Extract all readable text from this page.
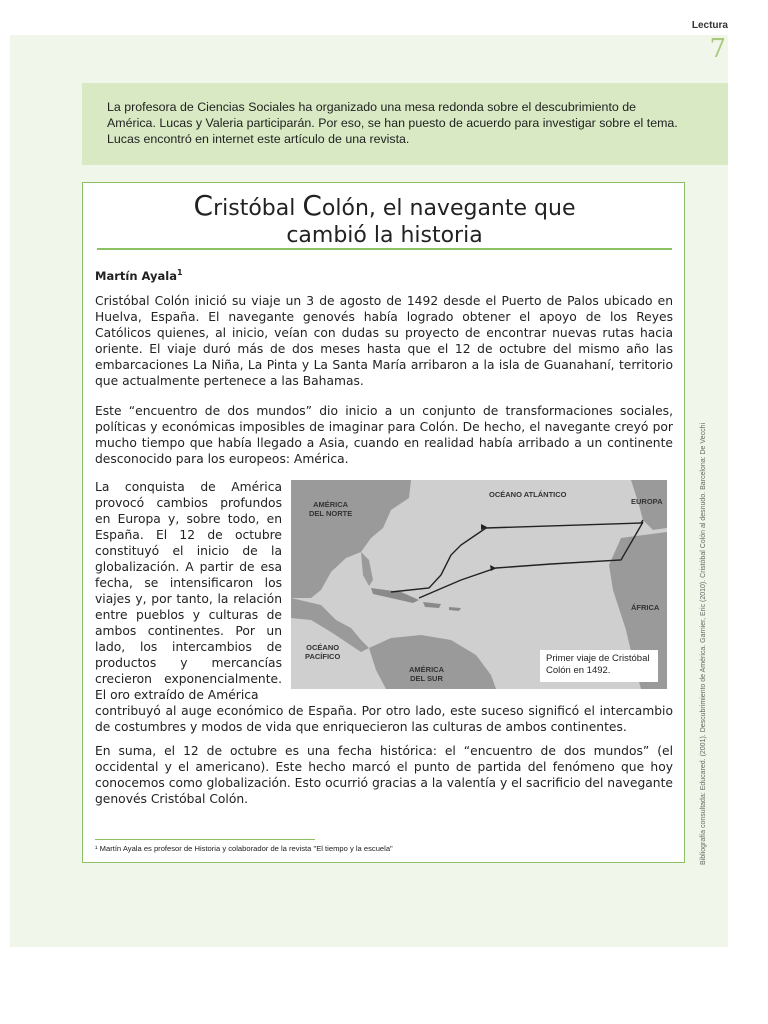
Lectura
7
La profesora de Ciencias Sociales ha organizado una mesa redonda sobre el descubrimiento de América. Lucas y Valeria participarán. Por eso, se han puesto de acuerdo para investigar sobre el tema. Lucas encontró en internet este artículo de una revista.
Cristóbal Colón, el navegante que
cambió la historia
Martín Ayala$^1$
Cristóbal Colón inició su viaje un 3 de agosto de 1492 desde el Puerto de Palos ubicado en Huelva, España. El navegante genovés había logrado obtener el apoyo de los Reyes Católicos quienes, al inicio, veían con dudas su proyecto de encontrar nuevas rutas hacia oriente. El viaje duró más de dos meses hasta que el 12 de octubre del mismo año las embarcaciones La Niña, La Pinta y La Santa María arribaron a la isla de Guanahaní, territorio que actualmente pertenece a las Bahamas.
Este “encuentro de dos mundos” dio inicio a un conjunto de transformaciones sociales, políticas y económicas imposibles de imaginar para Colón. De hecho, el navegante creyó por mucho tiempo que había llegado a Asia, cuando en realidad había arribado a un continente desconocido para los europeos: América.
La conquista de América provocó cambios profundos en Europa y, sobre todo, en España. El 12 de octubre constituyó el inicio de la globalización. A partir de esa fecha, se intensificaron los viajes y, por tanto, la relación entre pueblos y culturas de ambos continentes. Por un lado, los intercambios de productos y mercancías crecieron exponencialmente. El oro extraído de América
AMÉRICA
DEL NORTE
OCÉANO ATLÁNTICO
EUROPA
ÁFRICA
OCÉANO
PACÍFICO
AMÉRICA
DEL SUR
Primer viaje de Cristóbal Colón en 1492.
contribuyó al auge económico de España. Por otro lado, este suceso significó el intercambio de costumbres y modos de vida que enriquecieron las culturas de ambos continentes.
En suma, el 12 de octubre es una fecha histórica: el “encuentro de dos mundos” (el occidental y el americano). Este hecho marcó el punto de partida del fenómeno que hoy conocemos como globalización. Esto ocurrió gracias a la valentía y el sacrificio del navegante genovés Cristóbal Colón.
¹ Martín Ayala es profesor de Historia y colaborador de la revista "El tiempo y la escuela"	Bibliografía consultada: Educared. (2001). Descubrimiento de América. Garnier, Eric (2010). Cristóbal Colón al desnudo. Barcelona: De Vecchi
